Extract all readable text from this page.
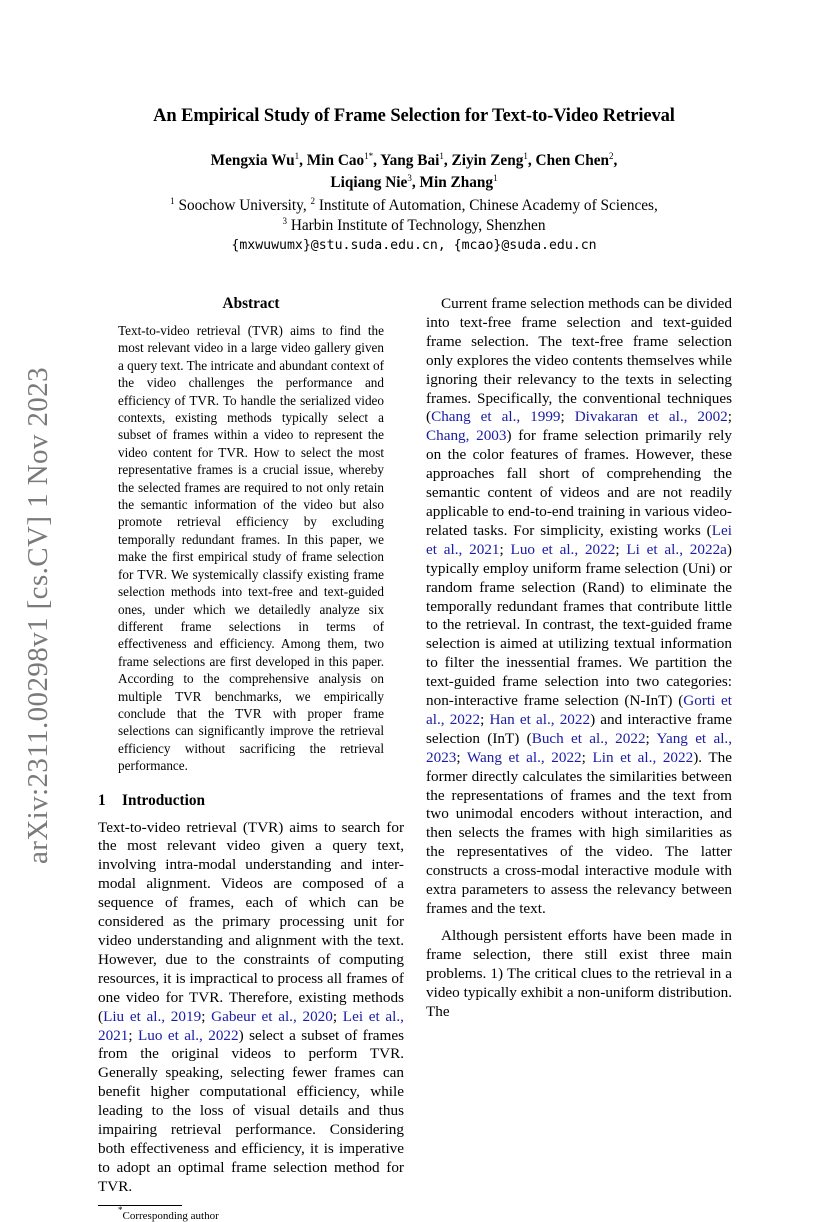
arXiv:2311.00298v1 [cs.CV] 1 Nov 2023
An Empirical Study of Frame Selection for Text-to-Video Retrieval
Mengxia Wu$^1$, Min Cao$^{1*}$, Yang Bai$^1$, Ziyin Zeng$^1$, Chen Chen$^2$,
Liqiang Nie$^3$, Min Zhang$^1$
$^1$ Soochow University, $^2$ Institute of Automation, Chinese Academy of Sciences,
$^3$ Harbin Institute of Technology, Shenzhen
{mxwuwumx}@stu.suda.edu.cn, {mcao}@suda.edu.cn
Abstract
Text-to-video retrieval (TVR) aims to find the most relevant video in a large video gallery given a query text. The intricate and abundant context of the video challenges the performance and efficiency of TVR. To handle the serialized video contexts, existing methods typically select a subset of frames within a video to represent the video content for TVR. How to select the most representative frames is a crucial issue, whereby the selected frames are required to not only retain the semantic information of the video but also promote retrieval efficiency by excluding temporally redundant frames. In this paper, we make the first empirical study of frame selection for TVR. We systemically classify existing frame selection methods into text-free and text-guided ones, under which we detailedly analyze six different frame selections in terms of effectiveness and efficiency. Among them, two frame selections are first developed in this paper. According to the comprehensive analysis on multiple TVR benchmarks, we empirically conclude that the TVR with proper frame selections can significantly improve the retrieval efficiency without sacrificing the retrieval performance.
1 Introduction

Text-to-video retrieval (TVR) aims to search for the most relevant video given a query text, involving intra-modal understanding and inter-modal alignment. Videos are composed of a sequence of frames, each of which can be considered as the primary processing unit for video understanding and alignment with the text. However, due to the constraints of computing resources, it is impractical to process all frames of one video for TVR. Therefore, existing methods (Liu et al., 2019; Gabeur et al., 2020; Lei et al., 2021; Luo et al., 2022) select a subset of frames from the original videos to perform TVR. Generally speaking, selecting fewer frames can benefit higher computational efficiency, while leading to the loss of visual details and thus impairing retrieval performance. Considering both effectiveness and efficiency, it is imperative to adopt an optimal frame selection method for TVR.

*Corresponding author

Current frame selection methods can be divided into text-free frame selection and text-guided frame selection. The text-free frame selection only explores the video contents themselves while ignoring their relevancy to the texts in selecting frames. Specifically, the conventional techniques (Chang et al., 1999; Divakaran et al., 2002; Chang, 2003) for frame selection primarily rely on the color features of frames. However, these approaches fall short of comprehending the semantic content of videos and are not readily applicable to end-to-end training in various video-related tasks. For simplicity, existing works (Lei et al., 2021; Luo et al., 2022; Li et al., 2022a) typically employ uniform frame selection (Uni) or random frame selection (Rand) to eliminate the temporally redundant frames that contribute little to the retrieval. In contrast, the text-guided frame selection is aimed at utilizing textual information to filter the inessential frames. We partition the text-guided frame selection into two categories: non-interactive frame selection (N-InT) (Gorti et al., 2022; Han et al., 2022) and interactive frame selection (InT) (Buch et al., 2022; Yang et al., 2023; Wang et al., 2022; Lin et al., 2022). The former directly calculates the similarities between the representations of frames and the text from two unimodal encoders without interaction, and then selects the frames with high similarities as the representatives of the video. The latter constructs a cross-modal interactive module with extra parameters to assess the relevancy between frames and the text.

Although persistent efforts have been made in frame selection, there still exist three main problems. 1) The critical clues to the retrieval in a video typically exhibit a non-uniform distribution. The
